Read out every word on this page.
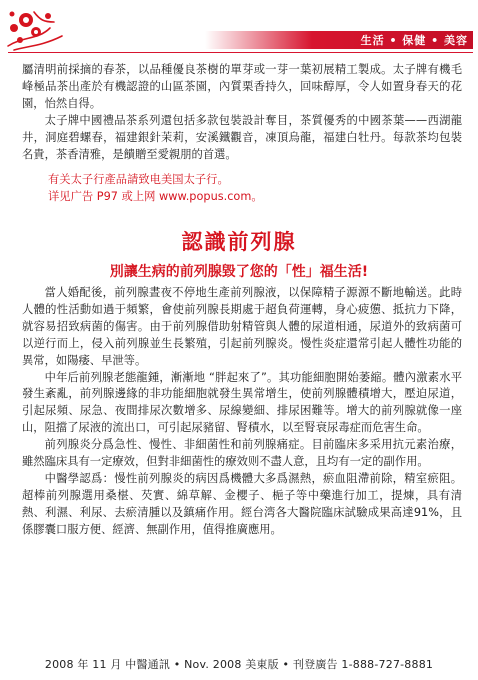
生活 • 保健 • 美容

屬清明前採摘的春茶，以品種優良茶樹的單芽或一芽一葉初展精工製成。太子牌有機毛峰極品茶出產於有機認證的山區茶園，內質栗香持久，回味醇厚，令人如置身春天的花園，怡然自得。

太子牌中國禮品茶系列還包括多款包裝設計奪目，茶質優秀的中國茶葉——西湖龍井，洞庭碧螺春，福建銀針茉莉，安溪鐵觀音，凍頂烏龍，福建白牡丹。每款茶均包裝名貴，茶香清雅，是饋贈至愛親朋的首選。

有关太子行產品請致电美国太子行。
详见广告 P97 或上网 www.popus.com。
認識前列腺
別讓生病的前列腺毀了您的「性」福生活!

當人婚配後，前列腺晝夜不停地生產前列腺液，以保障精子源源不斷地輸送。此時人體的性活動如過于頻繁，會使前列腺長期處于超負荷運轉，身心疲憊、抵抗力下降，就容易招致病菌的傷害。由于前列腺借助射精管與人體的尿道相通，尿道外的致病菌可以逆行而上，侵入前列腺並生長繁殖，引起前列腺炎。慢性炎症還常引起人體性功能的異常，如陽痿、早泄等。

中年后前列腺老態龍鍾，漸漸地 “胖起來了”。其功能細胞開始萎縮。體內激素水平發生紊亂，前列腺邊緣的非功能細胞就發生異常增生，使前列腺體積增大，壓迫尿道，引起尿頻、尿急、夜間排尿次數增多、尿線變細、排尿困難等。增大的前列腺就像一座山，阻擋了尿液的流出口，可引起尿豬留、腎積水，以至腎衰尿毒症而危害生命。

前列腺炎分爲急性、慢性、非細菌性和前列腺痛症。目前臨床多采用抗元素治療，雖然臨床具有一定療效，但對非細菌性的療效则不盡人意，且均有一定的副作用。

中醫學認爲：慢性前列腺炎的病因爲機體大多爲濕熱，瘀血阻滯前除，精室瘀阻。超棒前列腺選用桑椹、芡實、綿草解、金櫻子、梔子等中藥進行加工，提煉，具有清熱、利濕、利尿、去瘀清腫以及鎮痛作用。經台湾各大醫院臨床試驗成果高達91%，且係膠囊口服方便、經濟、無副作用，值得推廣應用。

2008 年 11 月 中醫通訊 • Nov. 2008 美東版 • 刊登廣告 1-888-727-8881
